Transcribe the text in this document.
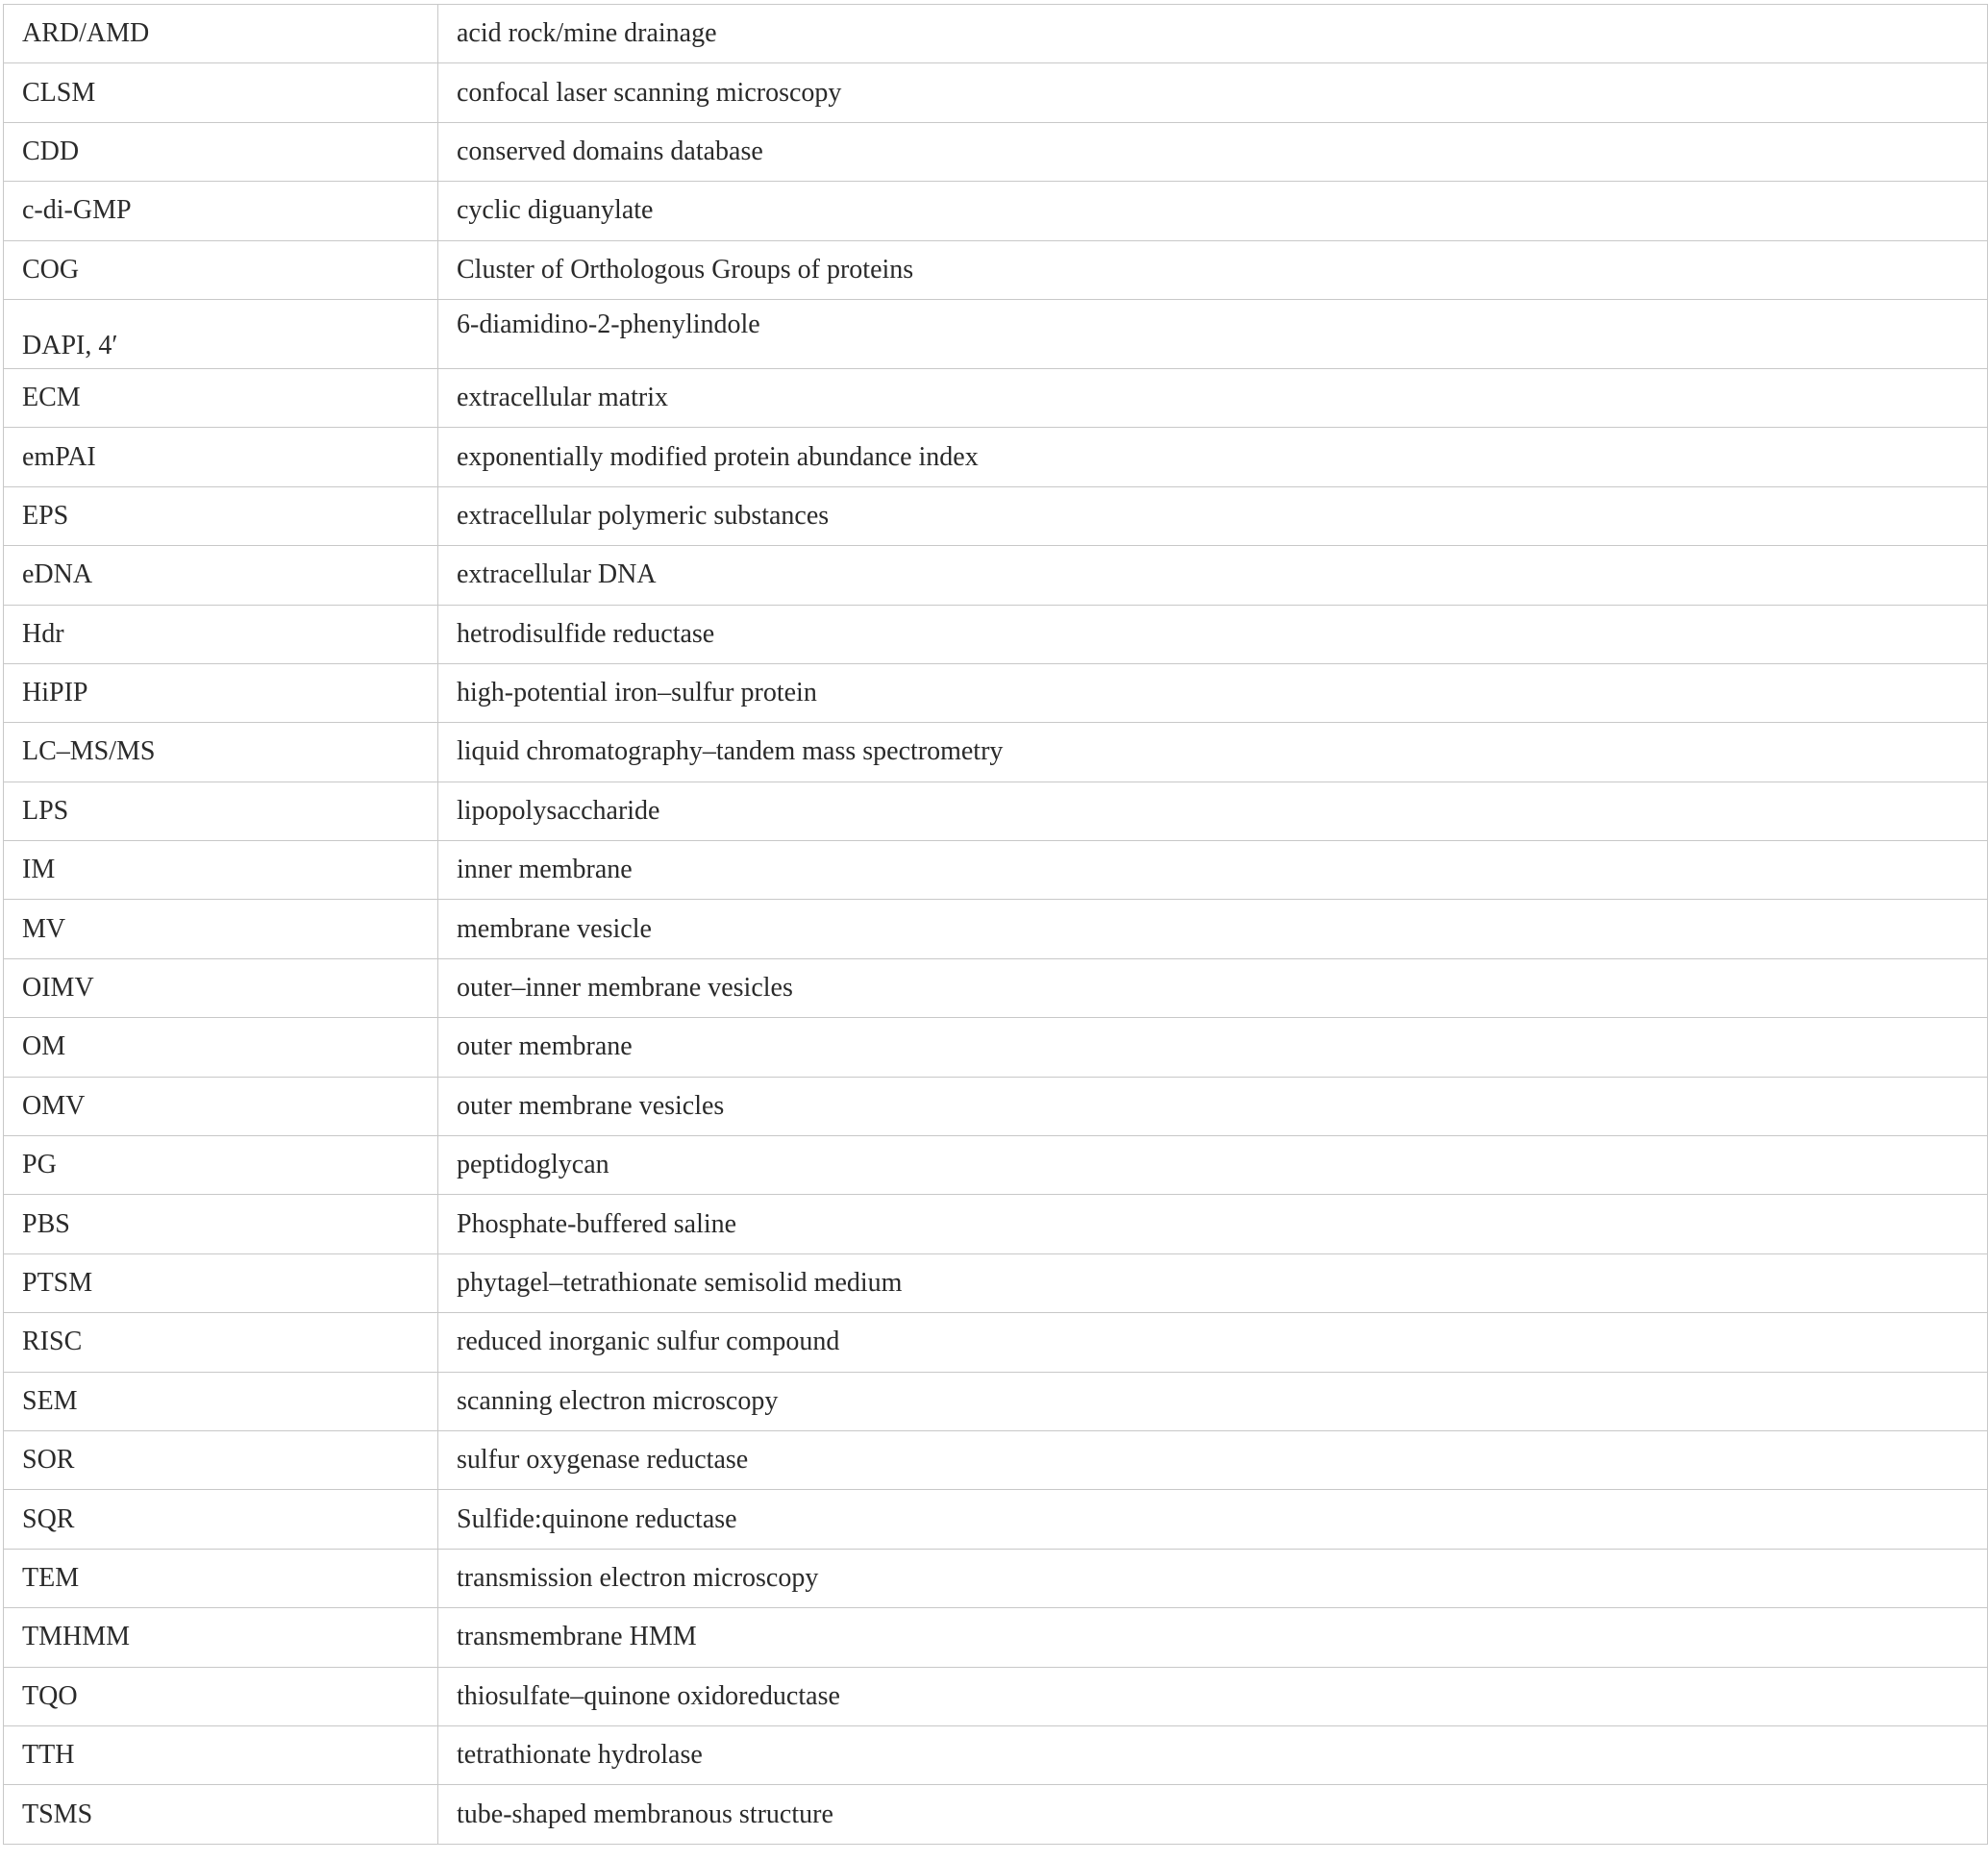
ARD/AMD	acid rock/mine drainage
CLSM	confocal laser scanning microscopy
CDD	conserved domains database
c-di-GMP	cyclic diguanylate
COG	Cluster of Orthologous Groups of proteins
DAPI, 4′	6-diamidino-2-phenylindole
ECM	extracellular matrix
emPAI	exponentially modified protein abundance index
EPS	extracellular polymeric substances
eDNA	extracellular DNA
Hdr	hetrodisulfide reductase
HiPIP	high-potential iron–sulfur protein
LC–MS/MS	liquid chromatography–tandem mass spectrometry
LPS	lipopolysaccharide
IM	inner membrane
MV	membrane vesicle
OIMV	outer–inner membrane vesicles
OM	outer membrane
OMV	outer membrane vesicles
PG	peptidoglycan
PBS	Phosphate-buffered saline
PTSM	phytagel–tetrathionate semisolid medium
RISC	reduced inorganic sulfur compound
SEM	scanning electron microscopy
SOR	sulfur oxygenase reductase
SQR	Sulfide:quinone reductase
TEM	transmission electron microscopy
TMHMM	transmembrane HMM
TQO	thiosulfate–quinone oxidoreductase
TTH	tetrathionate hydrolase
TSMS	tube-shaped membranous structure
